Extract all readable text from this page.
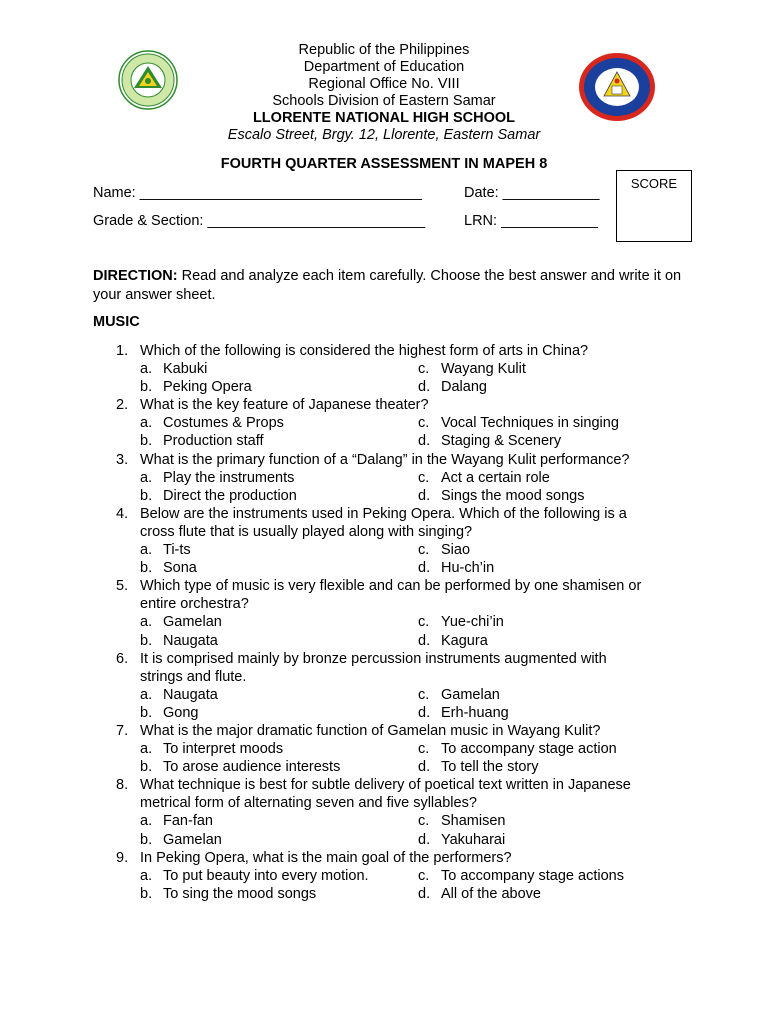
Republic of the Philippines
Department of Education
Regional Office No. VIII
Schools Division of Eastern Samar
LLORENTE NATIONAL HIGH SCHOOL
Escalo Street, Brgy. 12, Llorente, Eastern Samar
FOURTH QUARTER ASSESSMENT IN MAPEH 8
Name: ___________________________________	Date: ____________
Grade & Section: ___________________________	LRN: ____________
SCORE
DIRECTION: Read and analyze each item carefully. Choose the best answer and write it on your answer sheet.
MUSIC
1. Which of the following is considered the highest form of arts in China?
a. Kabuki	c. Wayang Kulit
b. Peking Opera	d. Dalang
2. What is the key feature of Japanese theater?
a. Costumes & Props	c. Vocal Techniques in singing
b. Production staff	d. Staging & Scenery
3. What is the primary function of a “Dalang” in the Wayang Kulit performance?
a. Play the instruments	c. Act a certain role
b. Direct the production	d. Sings the mood songs
4. Below are the instruments used in Peking Opera. Which of the following is a
cross flute that is usually played along with singing?
a. Ti-ts	c. Siao
b. Sona	d. Hu-ch’in
5. Which type of music is very flexible and can be performed by one shamisen or
entire orchestra?
a. Gamelan	c. Yue-chi’in
b. Naugata	d. Kagura
6. It is comprised mainly by bronze percussion instruments augmented with
strings and flute.
a. Naugata	c. Gamelan
b. Gong	d. Erh-huang
7. What is the major dramatic function of Gamelan music in Wayang Kulit?
a. To interpret moods	c. To accompany stage action
b. To arose audience interests	d. To tell the story
8. What technique is best for subtle delivery of poetical text written in Japanese
metrical form of alternating seven and five syllables?
a. Fan-fan	c. Shamisen
b. Gamelan	d. Yakuharai
9. In Peking Opera, what is the main goal of the performers?
a. To put beauty into every motion.	c. To accompany stage actions
b. To sing the mood songs	d. All of the above
